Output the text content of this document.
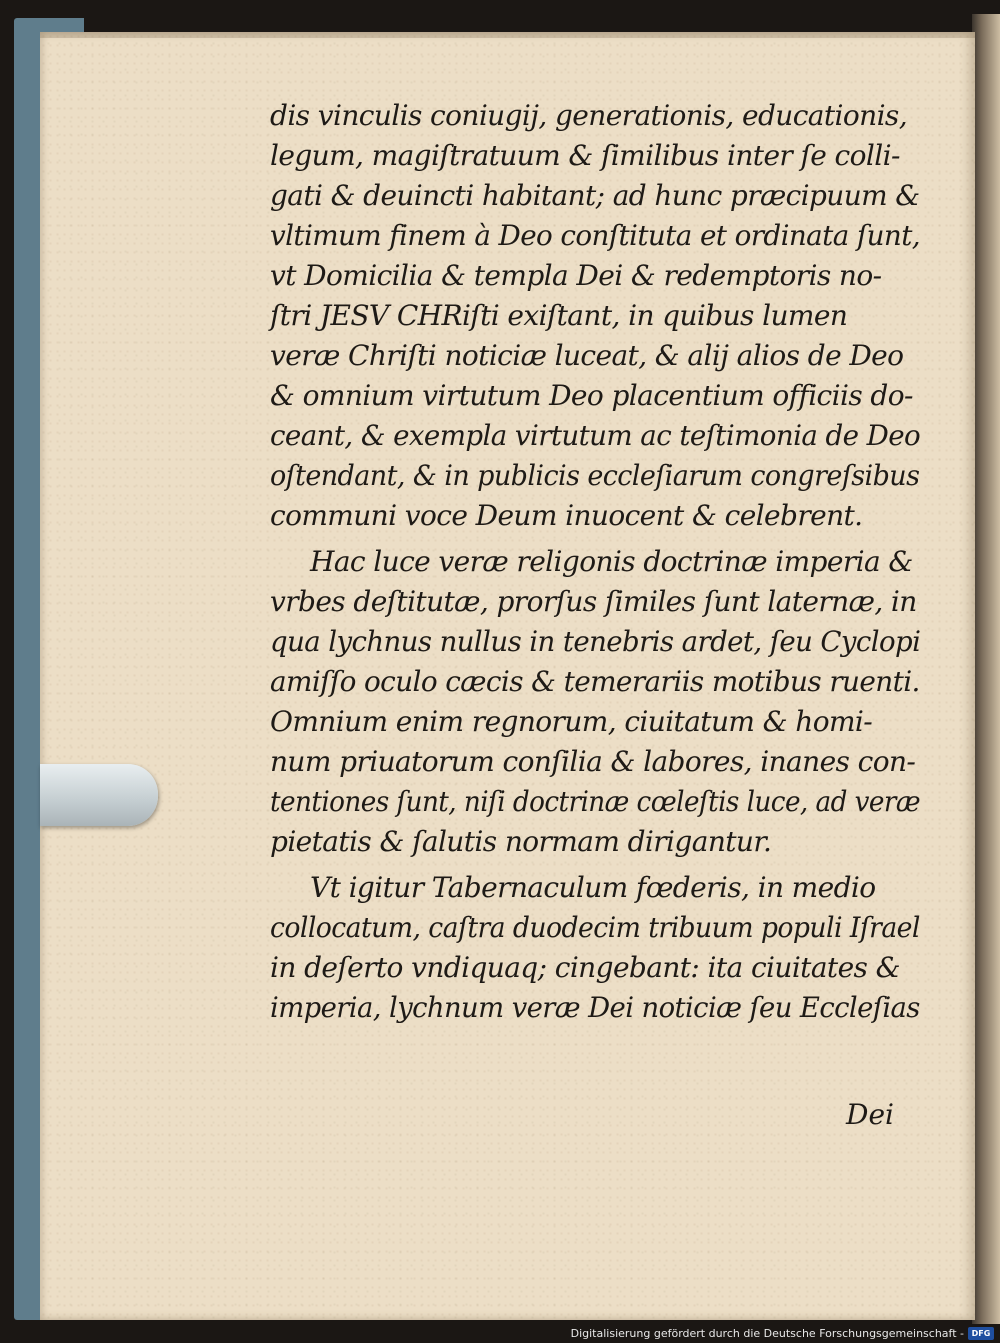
dis vinculis coniugij, generationis, educationis,
legum, magiſtratuum & ſimilibus inter ſe colli-
gati & deuincti habitant; ad hunc præcipuum &
vltimum finem à Deo conſtituta et ordinata ſunt,
vt Domicilia & templa Dei & redemptoris no-
ſtri JESV CHRiſti exiſtant, in quibus lumen
veræ Chriſti noticiæ luceat, & alij alios de Deo
& omnium virtutum Deo placentium officiis do-
ceant, & exempla virtutum ac teſtimonia de Deo
oſtendant, & in publicis eccleſiarum congreſsibus
communi voce Deum inuocent & celebrent.
Hac luce veræ religonis doctrinæ imperia &
vrbes deſtitutæ, prorſus ſimiles ſunt laternæ, in
qua lychnus nullus in tenebris ardet, ſeu Cyclopi
amiſſo oculo cæcis & temerariis motibus ruenti.
Omnium enim regnorum, ciuitatum & homi-
num priuatorum conſilia & labores, inanes con-
tentiones ſunt, niſi doctrinæ cœleſtis luce, ad veræ
pietatis & ſalutis normam dirigantur.
Vt igitur Tabernaculum fœderis, in medio
collocatum, caſtra duodecim tribuum populi Iſrael
in deſerto vndiquaq; cingebant: ita ciuitates &
imperia, lychnum veræ Dei noticiæ ſeu Eccleſias
Dei
Digitalisierung gefördert durch die Deutsche Forschungsgemeinschaft - DFG
